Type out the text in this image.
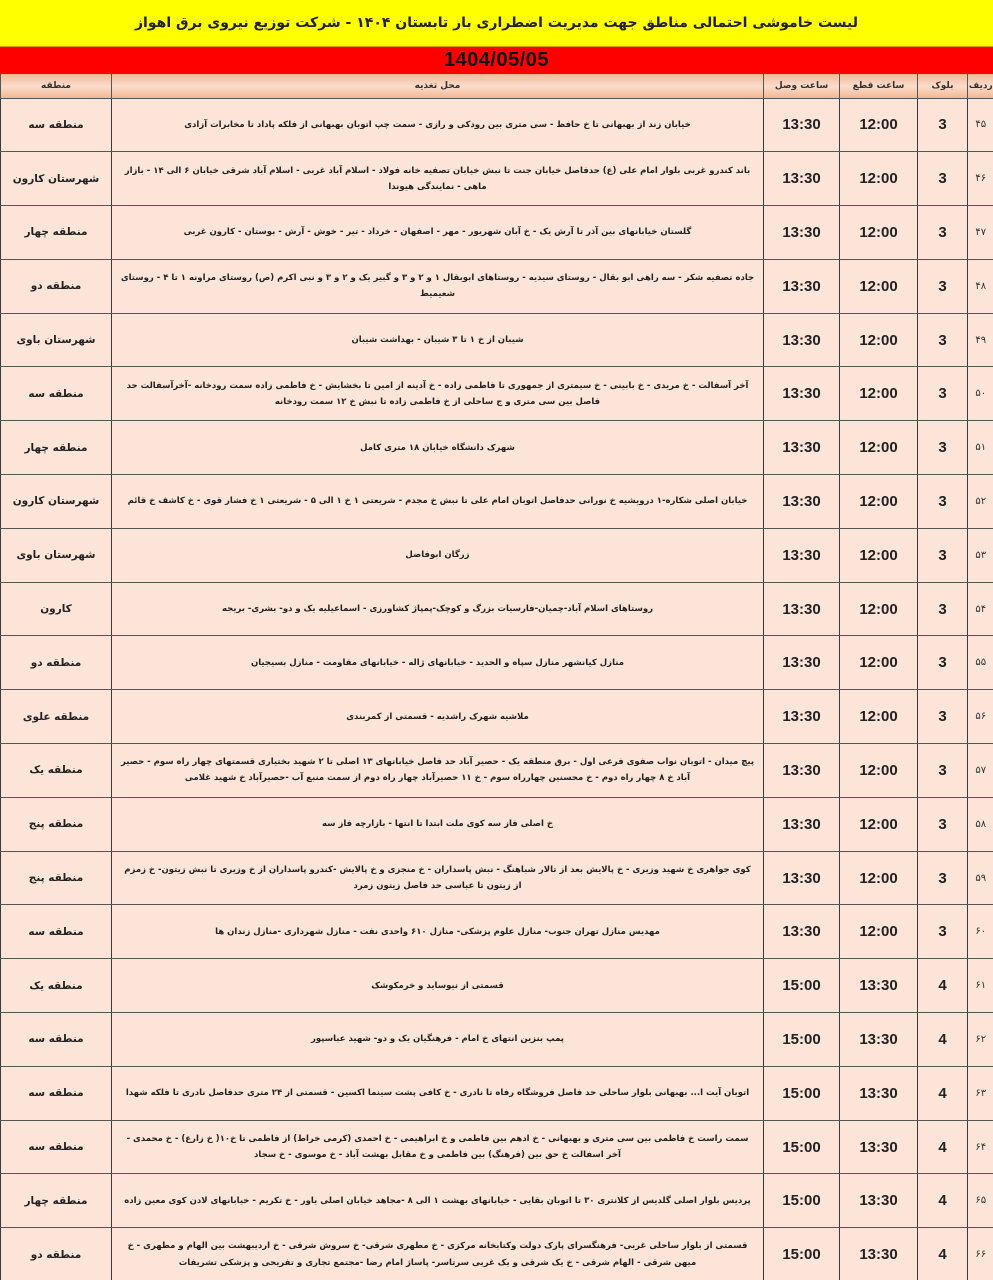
لیست خاموشی احتمالی مناطق جهت مدیریت اضطراری بار تابستان ۱۴۰۴ - شرکت توزیع نیروی برق اهواز
1404/05/05
ردیف	بلوک	ساعت قطع	ساعت وصل	محل تغذیه	منطقه
۴۵	3	12:00	13:30	خیابان زند از بهبهانی تا خ حافظ - سی متری بین رودکی و رازی - سمت چپ اتوبان بهبهانی از فلکه پاداد تا مخابرات آزادی	منطقه سه
۴۶	3	12:00	13:30	باند کندرو غربی بلوار امام علی (ع) حدفاصل خیابان جنت تا نبش خیابان تصفیه خانه فولاد - اسلام آباد غربی - اسلام آباد شرقی خیابان ۶ الی ۱۴ - بازار ماهی - نمایندگی هیوندا	شهرستان کارون
۴۷	3	12:00	13:30	گلستان خیابانهای بین آذر تا آرش یک - خ آبان شهریور - مهر - اصفهان - خرداد - تیر - خوش - آرش - بوستان - کارون غربی	منطقه چهار
۴۸	3	12:00	13:30	جاده تصفیه شکر - سه راهی ابو بقال - روستای سیدیه - روستاهای ابوبقال ۱ و ۲ و ۳ و گبیر یک و ۲ و ۳ و نبی اکرم (ص) روستای مراونه ۱ تا ۴ - روستای شعیمیط	منطقه دو
۴۹	3	12:00	13:30	شیبان از خ ۱ تا ۳ شیبان - بهداشت شیبان	شهرستان باوی
۵۰	3	12:00	13:30	آخر آسفالت - خ مریدی - خ بابینی - خ سیمتری از جمهوری تا فاطمی زاده - خ آدینه از امین تا بخشایش - خ فاطمی زاده سمت رودخانه -آخرآسفالت حد فاصل بین سی متری و ج ساحلی از خ فاطمی زاده تا نبش خ ۱۲ سمت رودخانه	منطقه سه
۵۱	3	12:00	13:30	شهرک دانشگاه خیابان ۱۸ متری کامل	منطقه چهار
۵۲	3	12:00	13:30	خیابان اصلی شکاره-۱ درویشیه خ نورانی حدفاصل اتوبان امام علی تا نبش خ مجدم - شریعتی ۱ خ ۱ الی ۵ - شریعتی ۱ خ فشار قوی - خ کاشف خ قائم	شهرستان کارون
۵۳	3	12:00	13:30	زرگان ابوفاضل	شهرستان باوی
۵۴	3	12:00	13:30	روستاهای اسلام آباد-چمیان-فارسیات بزرگ و کوچک-پمپاژ کشاورزی - اسماعیلیه یک و دو- بشری- بریجه	کارون
۵۵	3	12:00	13:30	منازل کیانشهر منازل سپاه و الحدید - خیابانهای ژاله - خیابانهای مقاومت - منازل بسیجیان	منطقه دو
۵۶	3	12:00	13:30	ملاشیه شهرک راشدیه - قسمتی از کمربندی	منطقه علوی
۵۷	3	12:00	13:30	پیچ میدان - اتوبان نواب صفوی فرعی اول - برق منطقه یک - حصیر آباد حد فاصل خیابانهای ۱۳ اصلی تا ۲ شهید بختیاری قسمتهای چهار راه سوم - حصیر آباد خ ۸ چهار راه دوم - خ محسنین چهارراه سوم - خ ۱۱ حصیرآباد چهار راه دوم از سمت منبع آب -حصیرآباد خ شهید غلامی	منطقه یک
۵۸	3	12:00	13:30	خ اصلی فاز سه کوی ملت ابتدا تا انتها - بازارچه فاز سه	منطقه پنج
۵۹	3	12:00	13:30	کوی جواهری خ شهید وزیری - خ پالایش بعد از تالار شباهنگ - نبش پاسداران - خ منجزی و خ پالایش -کندرو پاسداران از خ وزیری تا نبش زیتون- خ زمزم از زیتون تا عباسی حد فاصل زیتون زمرد	منطقه پنج
۶۰	3	12:00	13:30	مهدیس منازل تهران جنوب- منازل علوم پزشکی- منازل ۶۱۰ واحدی نفت - منازل شهرداری -منازل زندان ها	منطقه سه
۶۱	4	13:30	15:00	قسمتی از نیوساید و خرمکوشک	منطقه یک
۶۲	4	13:30	15:00	پمپ بنزین انتهای خ امام - فرهنگیان یک و دو- شهید عباسپور	منطقه سه
۶۳	4	13:30	15:00	اتوبان آیت ا... بهبهانی بلوار ساحلی حد فاصل فروشگاه رفاه تا نادری - خ کافی پشت سینما اکسین - قسمتی از ۲۴ متری حدفاصل نادری تا فلکه شهدا	منطقه سه
۶۴	4	13:30	15:00	سمت راست خ فاطمی بین سی متری و بهبهانی - خ ادهم بین فاطمی و خ ابراهیمی - خ احمدی (کرمی خراط) از فاطمی تا خ۱۰( خ زارع) - خ محمدی - آخر اسفالت خ حق بین (فرهنگ) بین فاطمی و خ مقابل بهشت آباد - خ موسوی - خ سجاد	منطقه سه
۶۵	4	13:30	15:00	پردیس بلوار اصلی گلدیس از کلانتری ۳۰ تا اتوبان بقایی - خیابانهای بهشت ۱ الی ۸ -مجاهد خیابان اصلی یاور - خ تکریم - خیابانهای لادن کوی معین زاده	منطقه چهار
۶۶	4	13:30	15:00	قسمتی از بلوار ساحلی غربی- فرهنگسرای پارک دولت وکتابخانه مرکزی - خ مطهری شرقی- خ سروش شرقی - خ اردیبهشت بین الهام و مطهری - خ میهن شرقی - الهام شرقی - خ یک شرقی و یک غربی سرتاسر- پاساژ امام رضا -مجتمع تجاری و تفریحی و پزشکی تشریفات	منطقه دو
